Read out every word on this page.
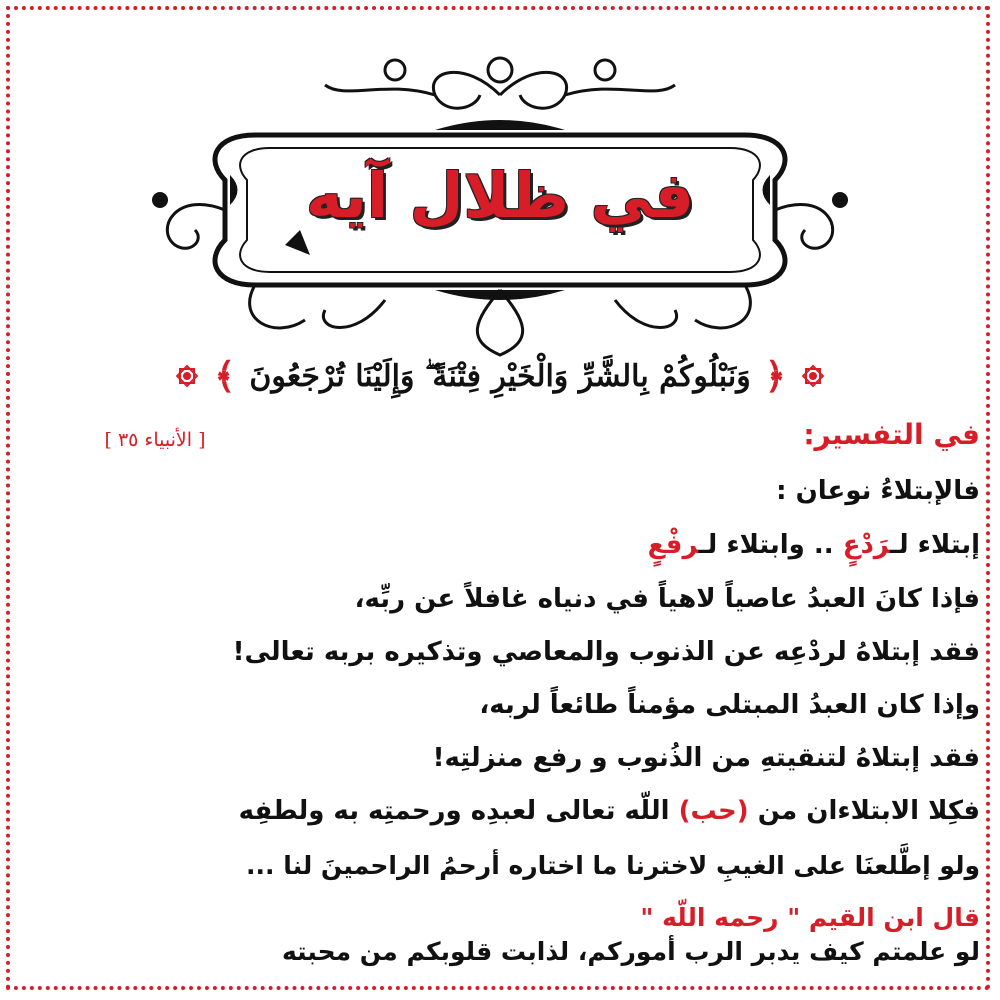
في ظلال آيه
﴿
وَنَبْلُوكُمْ بِالشَّرِّ وَالْخَيْرِ فِتْنَةً ۖ وَإِلَيْنَا تُرْجَعُونَ
﴾
[ الأنبياء ٣٥ ]	في التفسير:
فالإبتلاءُ نوعان :
إبتلاء لـرَدْعٍ .. وابتلاء لـرفْعٍ
فإذا كانَ العبدُ عاصياً لاهياً في دنياه غافلاً عن ربِّه،
فقد إبتلاهُ لردْعِه عن الذنوب والمعاصي وتذكيره بربه تعالى!
وإذا كان العبدُ المبتلى مؤمناً طائعاً لربه،
فقد إبتلاهُ لتنقيتهِ من الذُنوب و رفع منزلتِه!
فكِلا الابتلاءان من (حب) اللّه تعالى لعبدِه ورحمتِه به ولطفِه
ولو إطَّلعنَا على الغيبِ لاخترنا ما اختاره أرحمُ الراحمينَ لنا ...
قال ابن القيم " رحمه اللّه "
لو علمتم كيف يدبر الرب أموركم، لذابت قلوبكم من محبته
